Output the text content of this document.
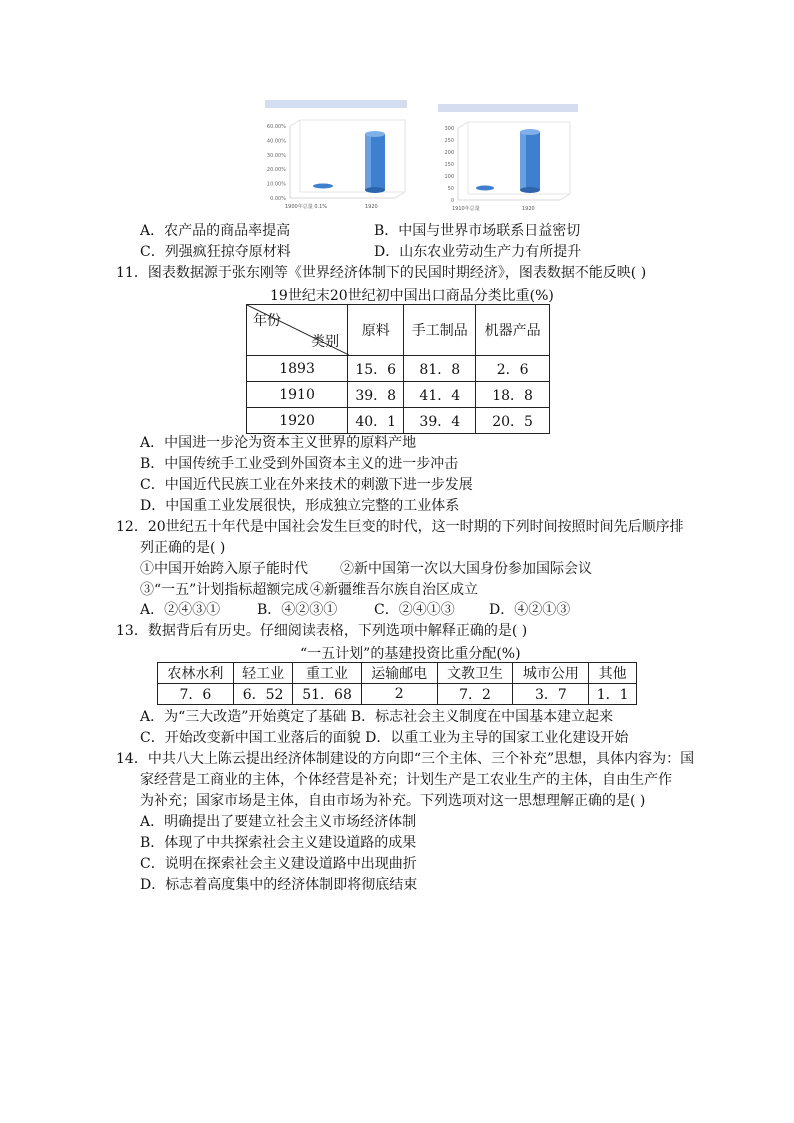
60.00%
40.00%
30.00%
20.00%
10.00%
0.00%
1900年总量 0.1%	1920
300
250
200
150
100
50
0
1910年总量	1920
A．农产品的商品率提高	B．中国与世界市场联系日益密切
C．列强疯狂掠夺原材料	D．山东农业劳动生产力有所提升
11．图表数据源于张东刚等《世界经济体制下的民国时期经济》，图表数据不能反映( )
19世纪末20世纪初中国出口商品分类比重(%)
年份
类别	原料	手工制品	机器产品
1893	15．6	81．8	2．6
1910	39．8	41．4	18．8
1920	40．1	39．4	20．5
A．中国进一步沦为资本主义世界的原料产地
B．中国传统手工业受到外国资本主义的进一步冲击
C．中国近代民族工业在外来技术的刺激下进一步发展
D．中国重工业发展很快，形成独立完整的工业体系
12．20世纪五十年代是中国社会发生巨变的时代，这一时期的下列时间按照时间先后顺序排
列正确的是( )
①中国开始跨入原子能时代 ②新中国第一次以大国身份参加国际会议
③“一五”计划指标超额完成 ④新疆维吾尔族自治区成立
A．②④③①	B．④②③①	C．②④①③ D．④②①③
13．数据背后有历史。仔细阅读表格，下列选项中解释正确的是( )
“一五计划”的基建投资比重分配(%)
农林水利	轻工业	重工业	运输邮电	文教卫生	城市公用	其他
7．6	6．52	51．68	2	7．2	3．7	1．1
A．为“三大改造”开始奠定了基础 B．标志社会主义制度在中国基本建立起来
C．开始改变新中国工业落后的面貌 D．以重工业为主导的国家工业化建设开始
14．中共八大上陈云提出经济体制建设的方向即“三个主体、三个补充”思想，具体内容为：国
家经营是工商业的主体，个体经营是补充；计划生产是工农业生产的主体，自由生产作
为补充；国家市场是主体，自由市场为补充。下列选项对这一思想理解正确的是( )
A．明确提出了要建立社会主义市场经济体制
B．体现了中共探索社会主义建设道路的成果
C．说明在探索社会主义建设道路中出现曲折
D．标志着高度集中的经济体制即将彻底结束
